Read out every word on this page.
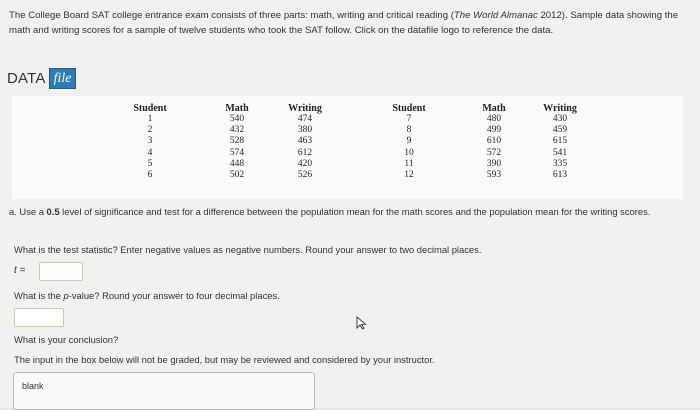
The College Board SAT college entrance exam consists of three parts: math, writing and critical reading (The World Almanac 2012). Sample data showing the math and writing scores for a sample of twelve students who took the SAT follow. Click on the datafile logo to reference the data.
DATA file
Student
1
2
3
4
5
6
Math
540
432
528
574
448
502
Writing
474
380
463
612
420
526
Student
7
8
9
10
11
12
Math
480
499
610
572
390
593
Writing
430
459
615
541
335
613
a. Use a 0.5 level of significance and test for a difference between the population mean for the math scores and the population mean for the writing scores.
What is the test statistic? Enter negative values as negative numbers. Round your answer to two decimal places.
t =
What is the p-value? Round your answer to four decimal places.
What is your conclusion?
The input in the box below will not be graded, but may be reviewed and considered by your instructor.
blank
